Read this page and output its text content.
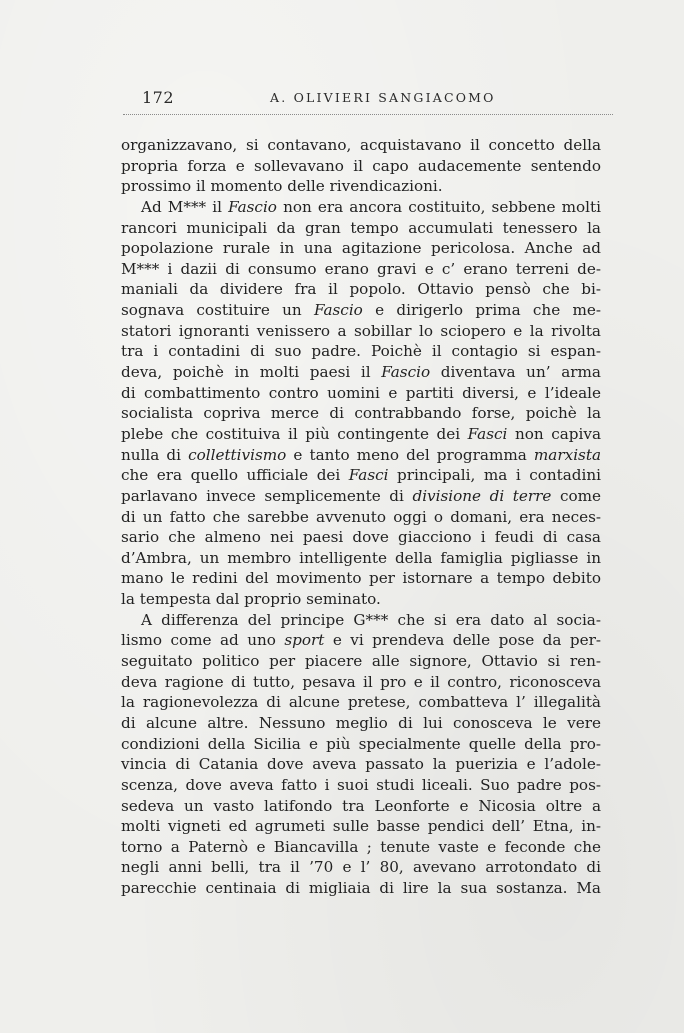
172	A. OLIVIERI SANGIACOMO
organizzavano, si contavano, acquistavano il concetto della
propria forza e sollevavano il capo audacemente sentendo
prossimo il momento delle rivendicazioni.
Ad M*** il Fascio non era ancora costituito, sebbene molti
rancori municipali da gran tempo accumulati tenessero la
popolazione rurale in una agitazione pericolosa. Anche ad
M*** i dazii di consumo erano gravi e c’ erano terreni de-
maniali da dividere fra il popolo. Ottavio pensò che bi-
sognava costituire un Fascio e dirigerlo prima che me-
statori ignoranti venissero a sobillar lo sciopero e la rivolta
tra i contadini di suo padre. Poichè il contagio si espan-
deva, poichè in molti paesi il Fascio diventava un’ arma
di combattimento contro uomini e partiti diversi, e l’ideale
socialista copriva merce di contrabbando forse, poichè la
plebe che costituiva il più contingente dei Fasci non capiva
nulla di collettivismo e tanto meno del programma marxista
che era quello ufficiale dei Fasci principali, ma i contadini
parlavano invece semplicemente di divisione di terre come
di un fatto che sarebbe avvenuto oggi o domani, era neces-
sario che almeno nei paesi dove giacciono i feudi di casa
d’Ambra, un membro intelligente della famiglia pigliasse in
mano le redini del movimento per istornare a tempo debito
la tempesta dal proprio seminato.
A differenza del principe G*** che si era dato al socia-
lismo come ad uno sport e vi prendeva delle pose da per-
seguitato politico per piacere alle signore, Ottavio si ren-
deva ragione di tutto, pesava il pro e il contro, riconosceva
la ragionevolezza di alcune pretese, combatteva l’ illegalità
di alcune altre. Nessuno meglio di lui conosceva le vere
condizioni della Sicilia e più specialmente quelle della pro-
vincia di Catania dove aveva passato la puerizia e l’adole-
scenza, dove aveva fatto i suoi studi liceali. Suo padre pos-
sedeva un vasto latifondo tra Leonforte e Nicosia oltre a
molti vigneti ed agrumeti sulle basse pendici dell’ Etna, in-
torno a Paternò e Biancavilla ; tenute vaste e feconde che
negli anni belli, tra il ’70 e l’ 80, avevano arrotondato di
parecchie centinaia di migliaia di lire la sua sostanza. Ma
